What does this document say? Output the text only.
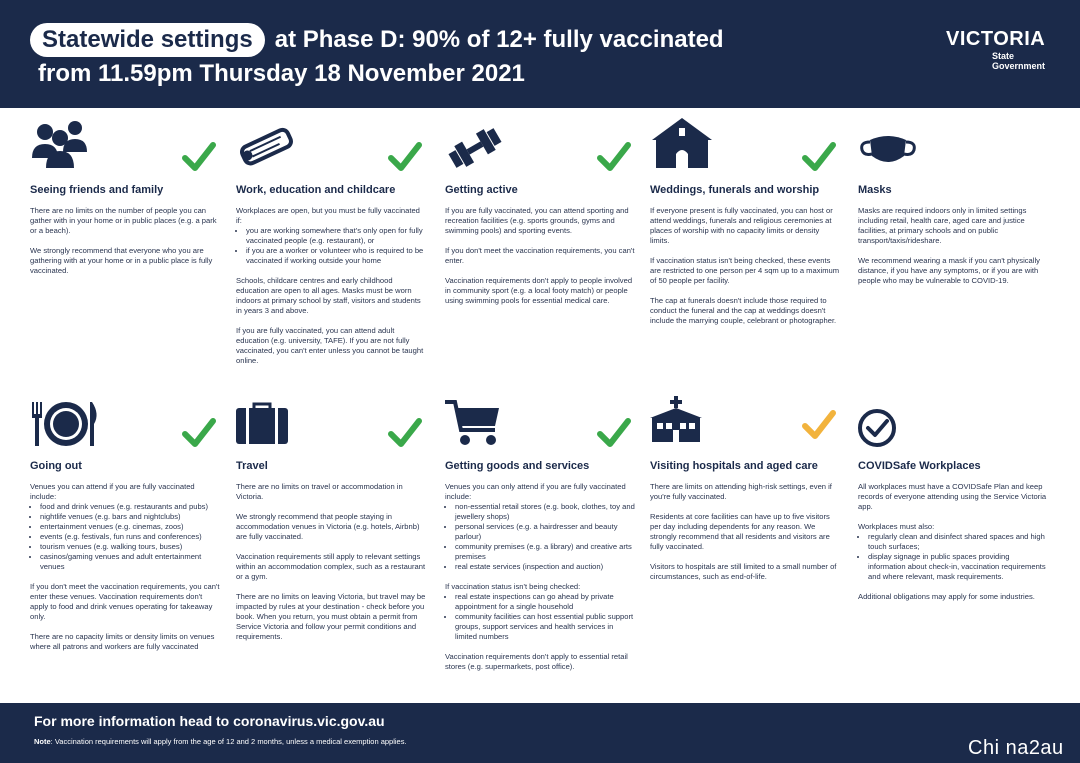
Statewide settings at Phase D: 90% of 12+ fully vaccinated
from 11.59pm Thursday 18 November 2021
VICTORIA
State
Government
Seeing friends and family

There are no limits on the number of people you can gather with in your home or in public places (e.g. a park or a beach).

We strongly recommend that everyone who you are gathering with at your home or in a public place is fully vaccinated.

Work, education and childcare

Workplaces are open, but you must be fully vaccinated if:

• you are working somewhere that's only open for fully vaccinated people (e.g. restaurant), or
• if you are a worker or volunteer who is required to be vaccinated if working outside your home

Schools, childcare centres and early childhood education are open to all ages. Masks must be worn indoors at primary school by staff, visitors and students in years 3 and above.

If you are fully vaccinated, you can attend adult education (e.g. university, TAFE). If you are not fully vaccinated, you can't enter unless you cannot be taught online.

Getting active

If you are fully vaccinated, you can attend sporting and recreation facilities (e.g. sports grounds, gyms and swimming pools) and sporting events.

If you don't meet the vaccination requirements, you can't enter.

Vaccination requirements don't apply to people involved in community sport (e.g. a local footy match) or people using swimming pools for essential medical care.

Weddings, funerals and worship

If everyone present is fully vaccinated, you can host or attend weddings, funerals and religious ceremonies at places of worship with no capacity limits or density limits.

If vaccination status isn't being checked, these events are restricted to one person per 4 sqm up to a maximum of 50 people per facility.

The cap at funerals doesn't include those required to conduct the funeral and the cap at weddings doesn't include the marrying couple, celebrant or photographer.

Masks

Masks are required indoors only in limited settings including retail, health care, aged care and justice facilities, at primary schools and on public transport/taxis/rideshare.

We recommend wearing a mask if you can't physically distance, if you have any symptoms, or if you are with people who may be vulnerable to COVID-19.

Going out

Venues you can attend if you are fully vaccinated include:

• food and drink venues (e.g. restaurants and pubs)
• nightlife venues (e.g. bars and nightclubs)
• entertainment venues (e.g. cinemas, zoos)
• events (e.g. festivals, fun runs and conferences)
• tourism venues (e.g. walking tours, buses)
• casinos/gaming venues and adult entertainment venues

If you don't meet the vaccination requirements, you can't enter these venues. Vaccination requirements don't apply to food and drink venues operating for takeaway only.

There are no capacity limits or density limits on venues where all patrons and workers are fully vaccinated

Travel

There are no limits on travel or accommodation in Victoria.

We strongly recommend that people staying in accommodation venues in Victoria (e.g. hotels, Airbnb) are fully vaccinated.

Vaccination requirements still apply to relevant settings within an accommodation complex, such as a restaurant or a gym.

There are no limits on leaving Victoria, but travel may be impacted by rules at your destination - check before you book. When you return, you must obtain a permit from Service Victoria and follow your permit conditions and requirements.

Getting goods and services

Venues you can only attend if you are fully vaccinated include:

• non-essential retail stores (e.g. book, clothes, toy and jewellery shops)
• personal services (e.g. a hairdresser and beauty parlour)
• community premises (e.g. a library) and creative arts premises
• real estate services (inspection and auction)

If vaccination status isn't being checked:

• real estate inspections can go ahead by private appointment for a single household
• community facilities can host essential public support groups, support services and health services in limited numbers

Vaccination requirements don't apply to essential retail stores (e.g. supermarkets, post office).

Visiting hospitals and aged care

There are limits on attending high-risk settings, even if you're fully vaccinated.

Residents at core facilities can have up to five visitors per day including dependents for any reason. We strongly recommend that all residents and visitors are fully vaccinated.

Visitors to hospitals are still limited to a small number of circumstances, such as end-of-life.

COVIDSafe Workplaces

All workplaces must have a COVIDSafe Plan and keep records of everyone attending using the Service Victoria app.

Workplaces must also:

• regularly clean and disinfect shared spaces and high touch surfaces;
• display signage in public spaces providing information about check-in, vaccination requirements and where relevant, mask requirements.

Additional obligations may apply for some industries.

For more information head to coronavirus.vic.gov.au
Note: Vaccination requirements will apply from the age of 12 and 2 months, unless a medical exemption applies.	Chi na2au
